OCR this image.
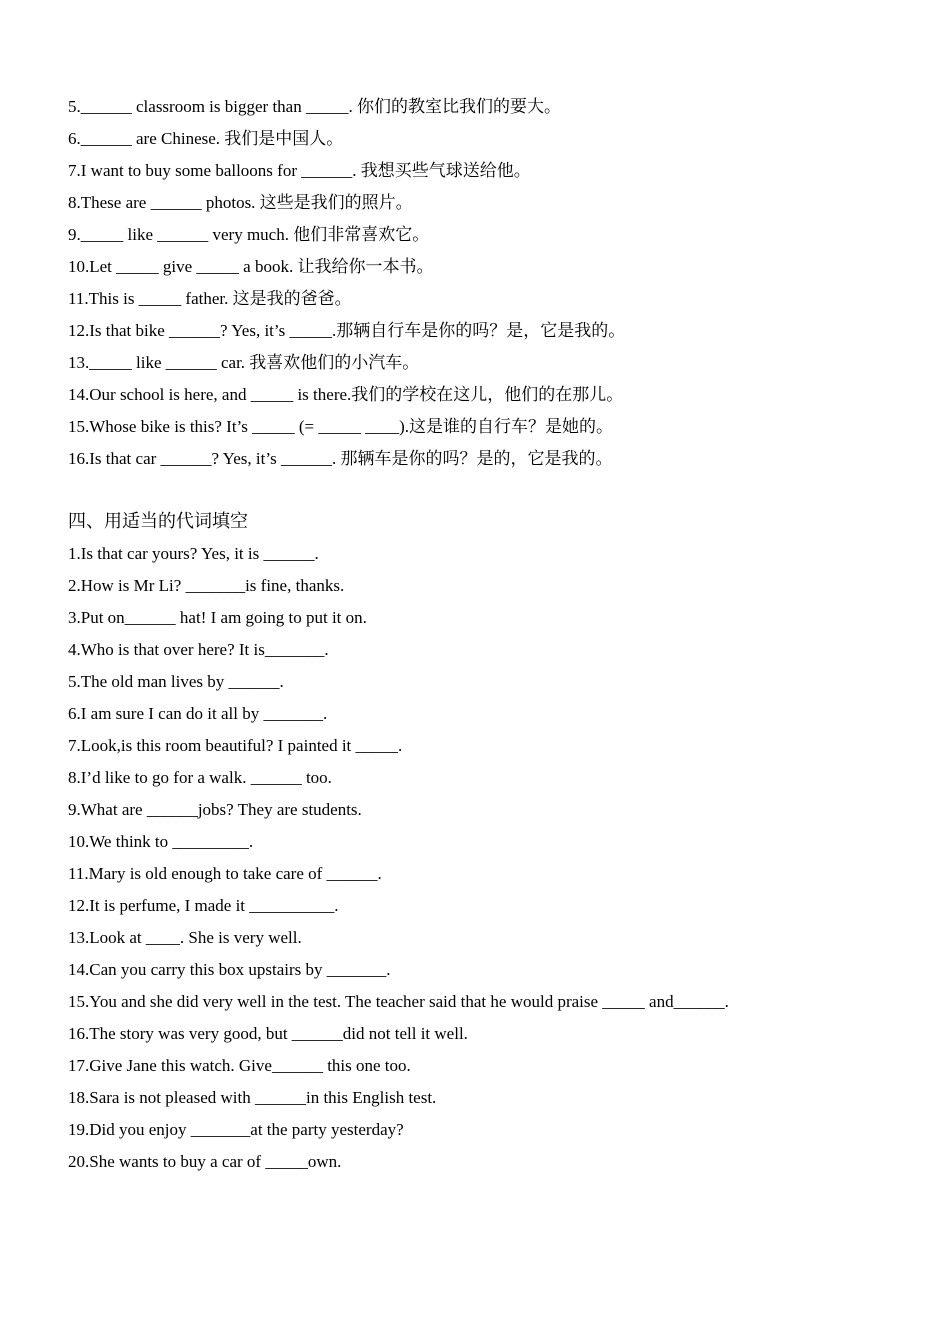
5.______ classroom is bigger than _____. 你们的教室比我们的要大。
6.______ are Chinese. 我们是中国人。
7.I want to buy some balloons for ______. 我想买些气球送给他。
8.These are ______ photos. 这些是我们的照片。
9._____ like ______ very much. 他们非常喜欢它。
10.Let _____ give _____ a book. 让我给你一本书。
11.This is _____ father. 这是我的爸爸。
12.Is that bike ______? Yes, it’s _____.那辆自行车是你的吗？是，它是我的。
13._____ like ______ car. 我喜欢他们的小汽车。
14.Our school is here, and _____ is there.我们的学校在这儿，他们的在那儿。
15.Whose bike is this? It’s _____ (= _____ ____).这是谁的自行车？是她的。
16.Is that car ______? Yes, it’s ______. 那辆车是你的吗？是的，它是我的。
四、用适当的代词填空
1.Is that car yours? Yes, it is ______.
2.How is Mr Li? _______is fine, thanks.
3.Put on______ hat! I am going to put it on.
4.Who is that over here? It is_______.
5.The old man lives by ______.
6.I am sure I can do it all by _______.
7.Look,is this room beautiful? I painted it _____.
8.I’d like to go for a walk. ______ too.
9.What are ______jobs? They are students.
10.We think to _________.
11.Mary is old enough to take care of ______.
12.It is perfume, I made it __________.
13.Look at ____. She is very well.
14.Can you carry this box upstairs by _______.
15.You and she did very well in the test. The teacher said that he would praise _____ and______.
16.The story was very good, but ______did not tell it well.
17.Give Jane this watch. Give______ this one too.
18.Sara is not pleased with ______in this English test.
19.Did you enjoy _______at the party yesterday?
20.She wants to buy a car of _____own.
